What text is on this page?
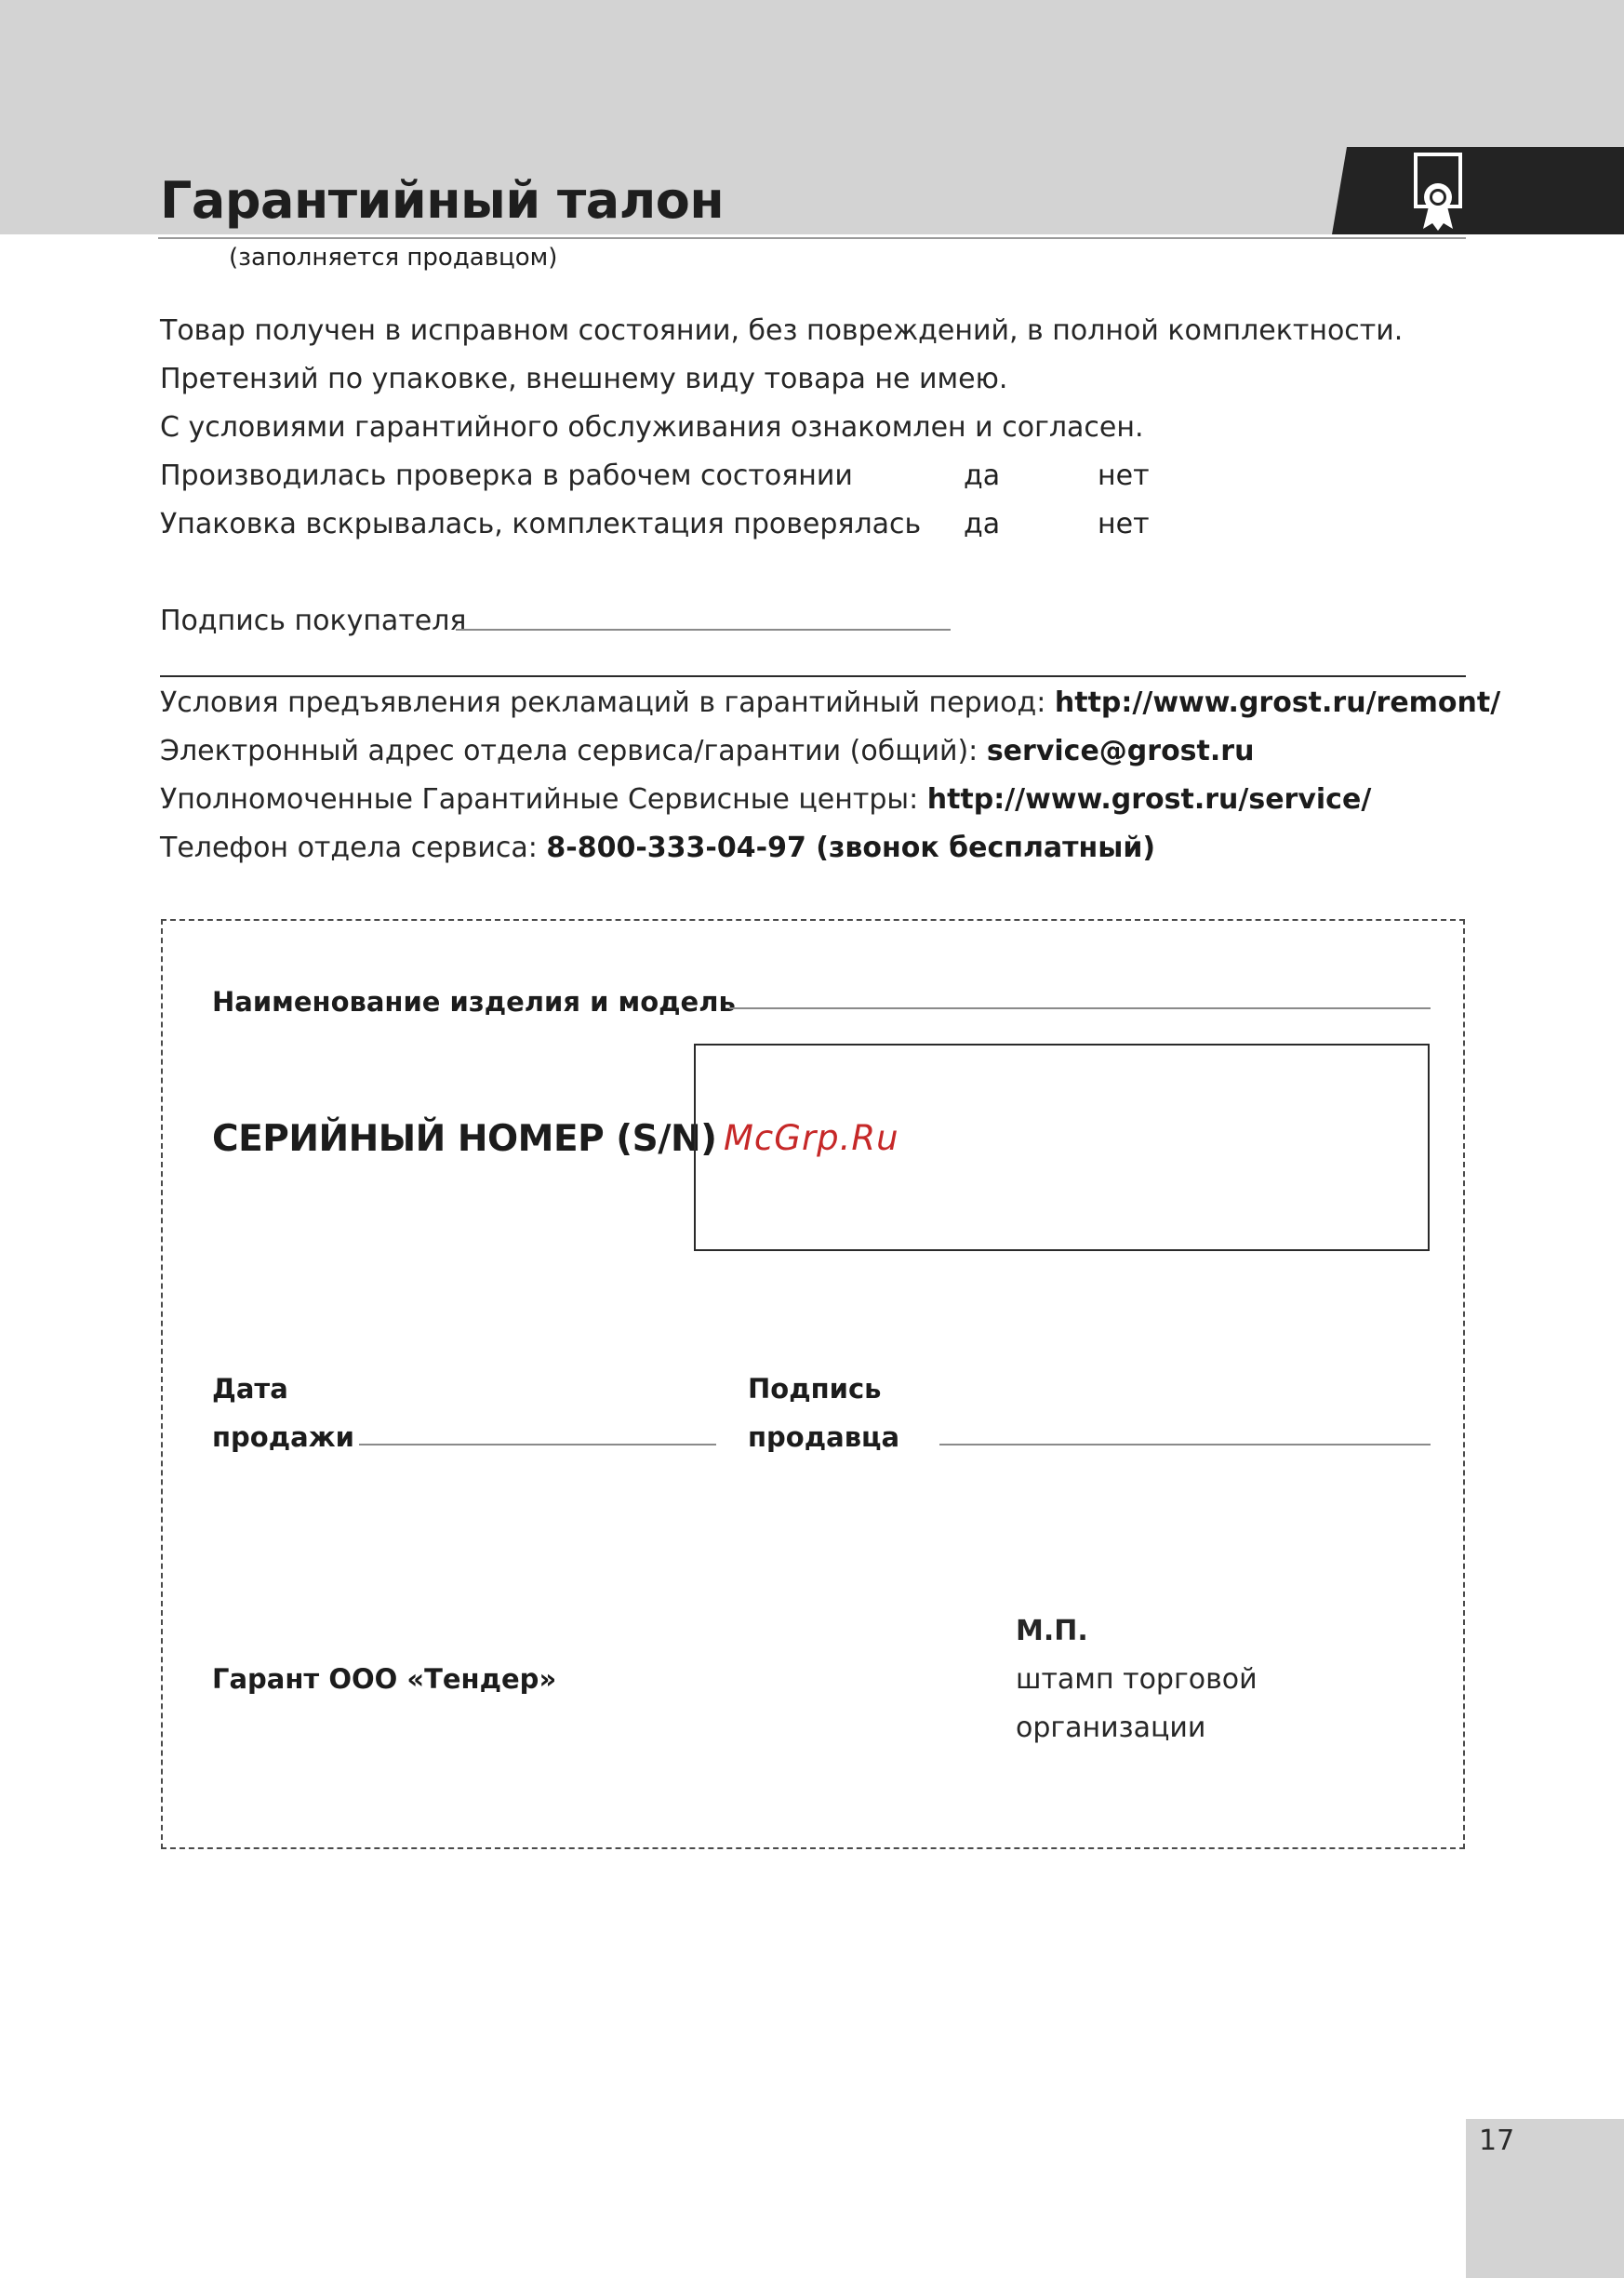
Гарантийный талон
(заполняется продавцом)
Товар получен в исправном состоянии, без повреждений, в полной комплектности.
Претензий по упаковке, внешнему виду товара не имею.
С условиями гарантийного обслуживания ознакомлен и согласен.
Производилась проверка в рабочем состоянии	да	нет
Упаковка вскрывалась, комплектация проверялась да	нет
Подпись покупателя
Условия предъявления рекламаций в гарантийный период: http://www.grost.ru/remont/
Электронный адрес отдела сервиса/гарантии (общий): service@grost.ru
Уполномоченные Гарантийные Сервисные центры: http://www.grost.ru/service/
Телефон отдела сервиса: 8-800-333-04-97 (звонок бесплатный)
Наименование изделия и модель
СЕРИЙНЫЙ НОМЕР (S/N) McGrp.Ru
Дата
продажи
Подпись
продавца
Гарант ООО «Тендер»
М.П.
штамп торговой
организации
17
